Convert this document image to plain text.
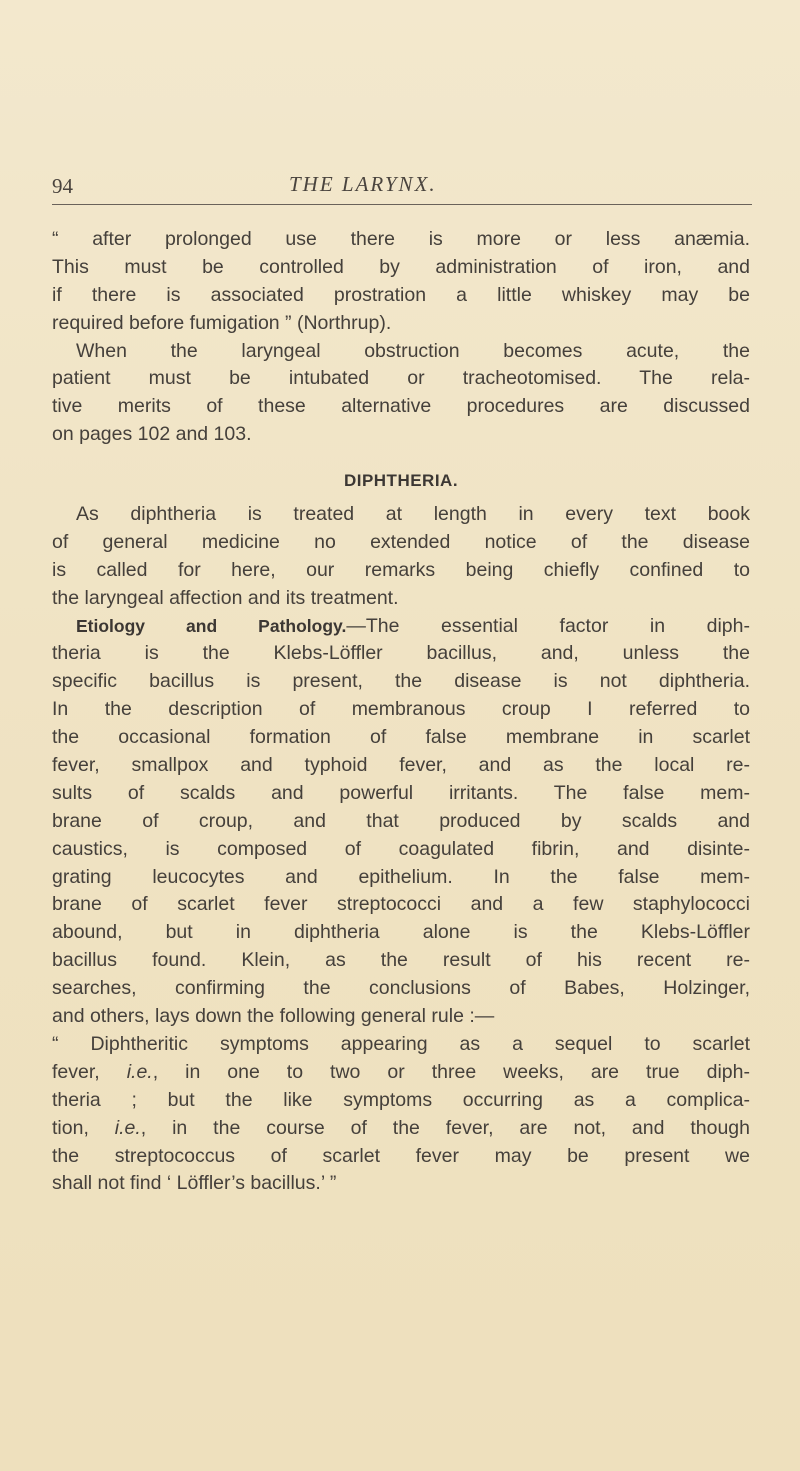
94	THE LARYNX.
“ after prolonged use there is more or less anæmia.
This must be controlled by administration of iron, and
if there is associated prostration a little whiskey may be
required before fumigation ” (Northrup).
When the laryngeal obstruction becomes acute, the
patient must be intubated or tracheotomised. The rela-
tive merits of these alternative procedures are discussed
on pages 102 and 103.
DIPHTHERIA.
As diphtheria is treated at length in every text book
of general medicine no extended notice of the disease
is called for here, our remarks being chiefly confined to
the laryngeal affection and its treatment.
Etiology and Pathology.—The essential factor in diph-
theria is the Klebs-Löffler bacillus, and, unless the
specific bacillus is present, the disease is not diphtheria.
In the description of membranous croup I referred to
the occasional formation of false membrane in scarlet
fever, smallpox and typhoid fever, and as the local re-
sults of scalds and powerful irritants. The false mem-
brane of croup, and that produced by scalds and
caustics, is composed of coagulated fibrin, and disinte-
grating leucocytes and epithelium. In the false mem-
brane of scarlet fever streptococci and a few staphylococci
abound, but in diphtheria alone is the Klebs-Löffler
bacillus found. Klein, as the result of his recent re-
searches, confirming the conclusions of Babes, Holzinger,
and others, lays down the following general rule :—
“ Diphtheritic symptoms appearing as a sequel to scarlet
fever, i.e., in one to two or three weeks, are true diph-
theria ; but the like symptoms occurring as a complica-
tion, i.e., in the course of the fever, are not, and though
the streptococcus of scarlet fever may be present we
shall not find ‘ Löffler’s bacillus.’ ”
